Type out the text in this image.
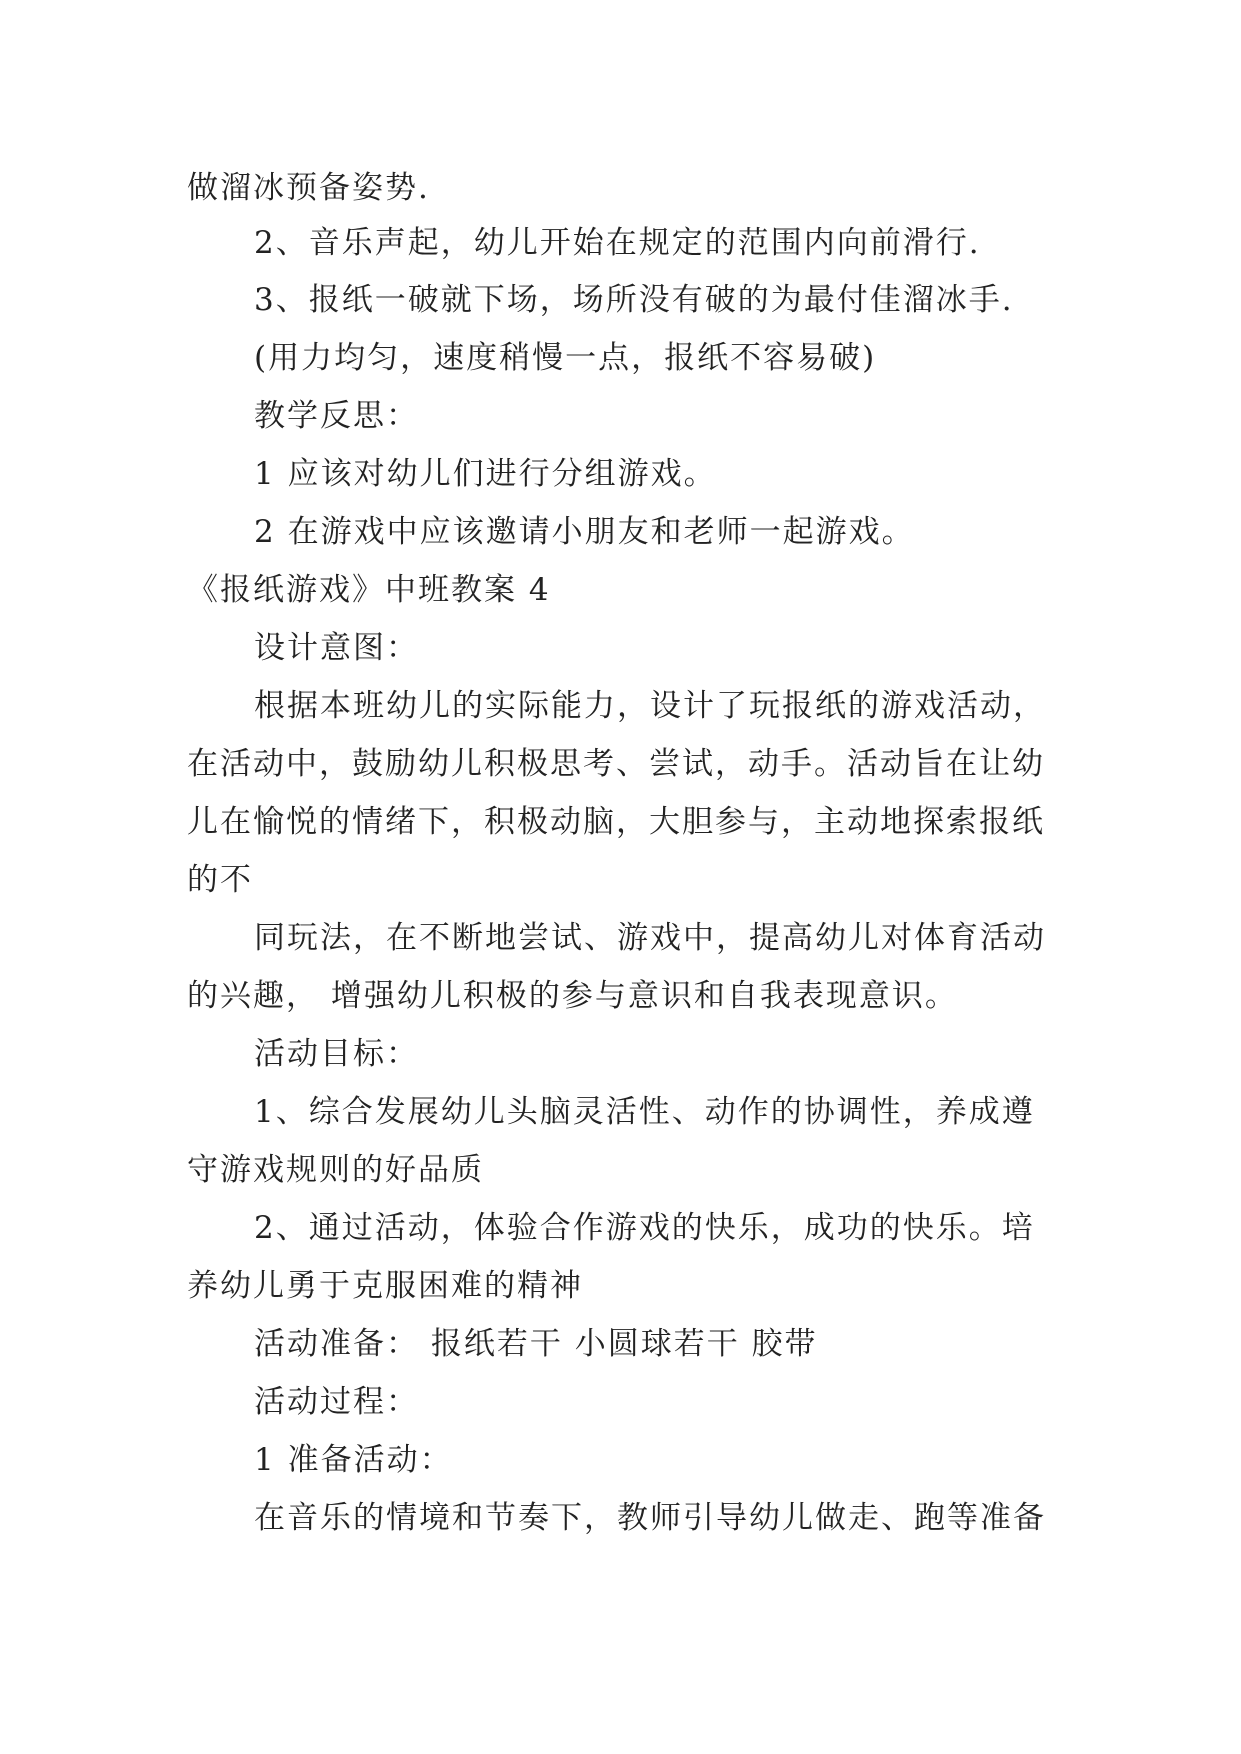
做溜冰预备姿势.
2、音乐声起，幼儿开始在规定的范围内向前滑行.
3、报纸一破就下场，场所没有破的为最付佳溜冰手.
(用力均匀，速度稍慢一点，报纸不容易破)
教学反思：
1 应该对幼儿们进行分组游戏。
2 在游戏中应该邀请小朋友和老师一起游戏。
《报纸游戏》中班教案 4
设计意图：
根据本班幼儿的实际能力，设计了玩报纸的游戏活动，
在活动中，鼓励幼儿积极思考、尝试，动手。活动旨在让幼
儿在愉悦的情绪下，积极动脑，大胆参与，主动地探索报纸
的不
同玩法，在不断地尝试、游戏中，提高幼儿对体育活动
的兴趣， 增强幼儿积极的参与意识和自我表现意识。
活动目标：
1、综合发展幼儿头脑灵活性、动作的协调性，养成遵
守游戏规则的好品质
2、通过活动，体验合作游戏的快乐，成功的快乐。培
养幼儿勇于克服困难的精神
活动准备： 报纸若干 小圆球若干 胶带
活动过程：
1 准备活动：
在音乐的情境和节奏下，教师引导幼儿做走、跑等准备
